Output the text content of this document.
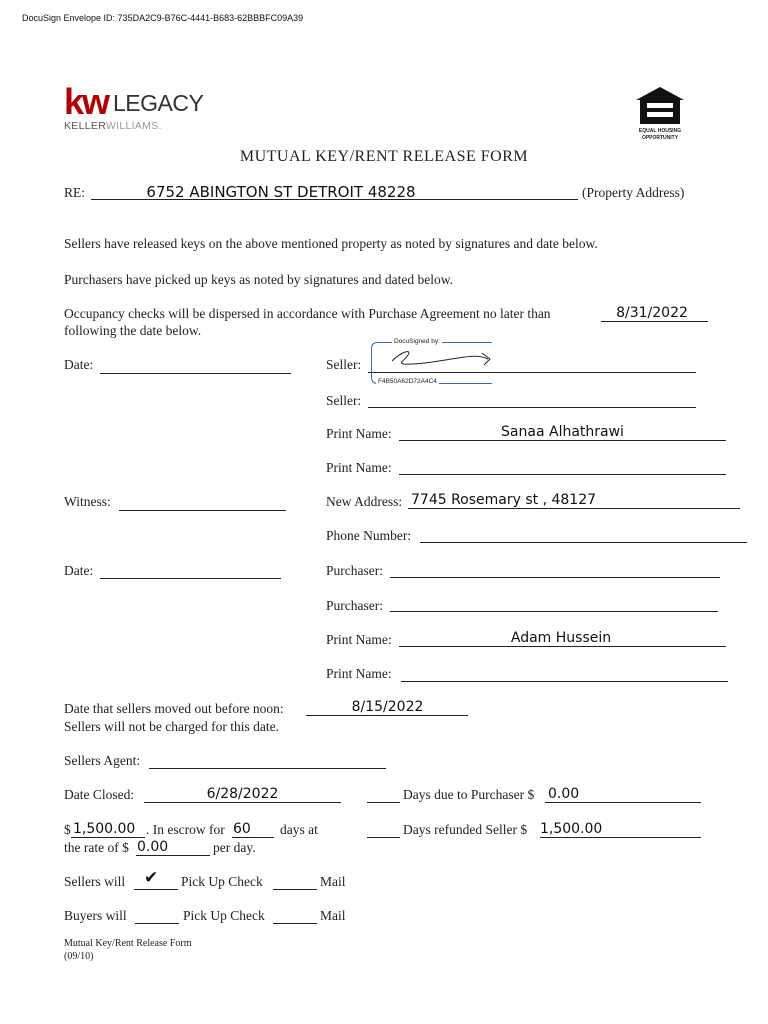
DocuSign Envelope ID: 735DA2C9-B76C-4441-B683-62BBBFC09A39
kw LEGACY
KELLERWILLIAMS.	EQUAL HOUSING
OPPORTUNITY
MUTUAL KEY/RENT RELEASE FORM
RE:	6752 ABINGTON ST DETROIT 48228	(Property Address)
Sellers have released keys on the above mentioned property as noted by signatures and date below.
Purchasers have picked up keys as noted by signatures and dated below.
Occupancy checks will be dispersed in accordance with Purchase Agreement no later than	8/31/2022
following the date below.
Date:	Seller:
DocuSigned by:
F4B50A62D72A4C4
Seller:
Print Name:	Sanaa Alhathrawi
Print Name:
Witness:	New Address: 7745 Rosemary st , 48127
Phone Number:
Date:	Purchaser:
Purchaser:
Print Name:	Adam Hussein
Print Name:
Date that sellers moved out before noon:	8/15/2022
Sellers will not be charged for this date.
Sellers Agent:
Date Closed:	6/28/2022	Days due to Purchaser $ 0.00
$ 1,500.00 . In escrow for 60 days at	Days refunded Seller $ 1,500.00
the rate of $ 0.00	per day.
Sellers will ✔ Pick Up Check	Mail
Buyers will	Pick Up Check	Mail
Mutual Key/Rent Release Form
(09/10)
